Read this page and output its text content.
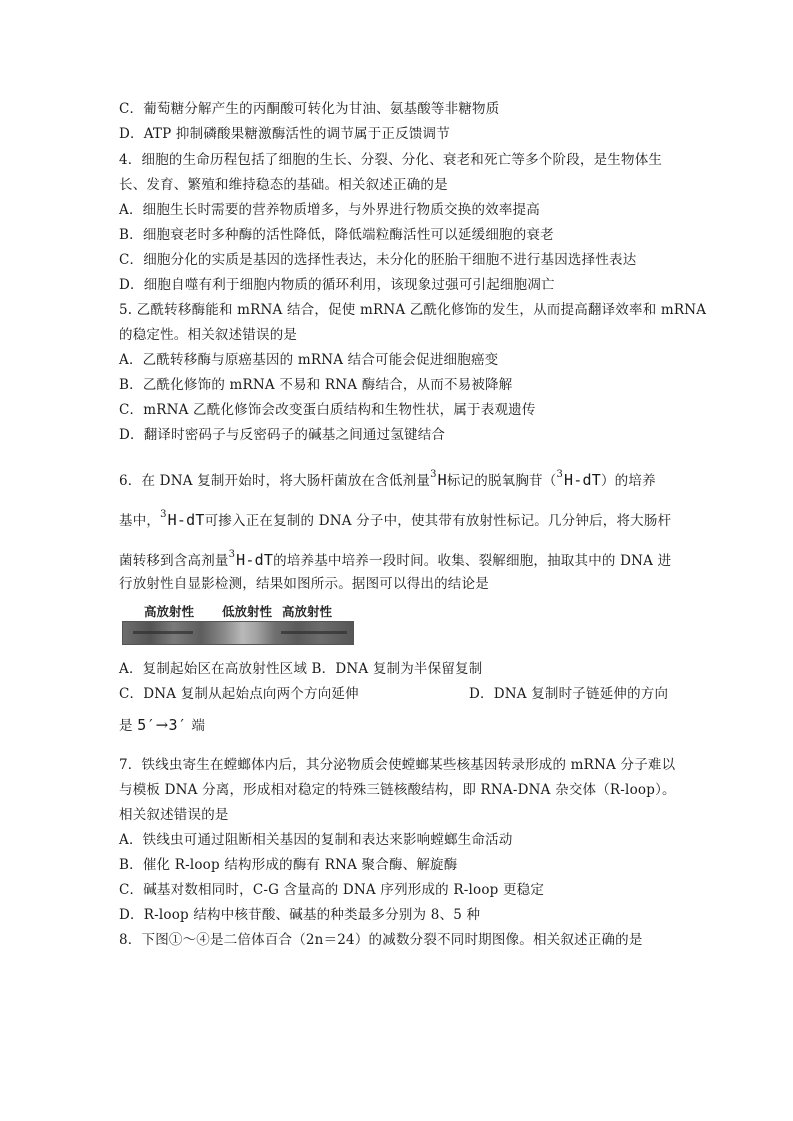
C．葡萄糖分解产生的丙酮酸可转化为甘油、氨基酸等非糖物质
D．ATP 抑制磷酸果糖激酶活性的调节属于正反馈调节
4．细胞的生命历程包括了细胞的生长、分裂、分化、衰老和死亡等多个阶段，是生物体生
长、发育、繁殖和维持稳态的基础。相关叙述正确的是
A．细胞生长时需要的营养物质增多，与外界进行物质交换的效率提高
B．细胞衰老时多种酶的活性降低，降低端粒酶活性可以延缓细胞的衰老
C．细胞分化的实质是基因的选择性表达，未分化的胚胎干细胞不进行基因选择性表达
D．细胞自噬有利于细胞内物质的循环利用，该现象过强可引起细胞凋亡
5. 乙酰转移酶能和 mRNA 结合，促使 mRNA 乙酰化修饰的发生，从而提高翻译效率和 mRNA
的稳定性。相关叙述错误的是
A．乙酰转移酶与原癌基因的 mRNA 结合可能会促进细胞癌变
B．乙酰化修饰的 mRNA 不易和 RNA 酶结合，从而不易被降解
C．mRNA 乙酰化修饰会改变蛋白质结构和生物性状，属于表观遗传
D．翻译时密码子与反密码子的碱基之间通过氢键结合
6．在 DNA 复制开始时，将大肠杆菌放在含低剂量$^3$H标记的脱氧胸苷（$^3$H-dT）的培养
基中，$^3$H-dT可掺入正在复制的 DNA 分子中，使其带有放射性标记。几分钟后，将大肠杆
菌转移到含高剂量$^3$H-dT的培养基中培养一段时间。收集、裂解细胞，抽取其中的 DNA 进
行放射性自显影检测，结果如图所示。据图可以得出的结论是
高放射性 低放射性 高放射性
A．复制起始区在高放射性区域 B．DNA 复制为半保留复制
C．DNA 复制从起始点向两个方向延伸	D．DNA 复制时子链延伸的方向
是 5′→3′ 端
7．铁线虫寄生在螳螂体内后，其分泌物质会使螳螂某些核基因转录形成的 mRNA 分子难以
与模板 DNA 分离，形成相对稳定的特殊三链核酸结构，即 RNA-DNA 杂交体（R-loop）。
相关叙述错误的是
A．铁线虫可通过阻断相关基因的复制和表达来影响螳螂生命活动
B．催化 R-loop 结构形成的酶有 RNA 聚合酶、解旋酶
C．碱基对数相同时，C-G 含量高的 DNA 序列形成的 R-loop 更稳定
D．R-loop 结构中核苷酸、碱基的种类最多分别为 8、5 种
8．下图①～④是二倍体百合（2n＝24）的减数分裂不同时期图像。相关叙述正确的是
